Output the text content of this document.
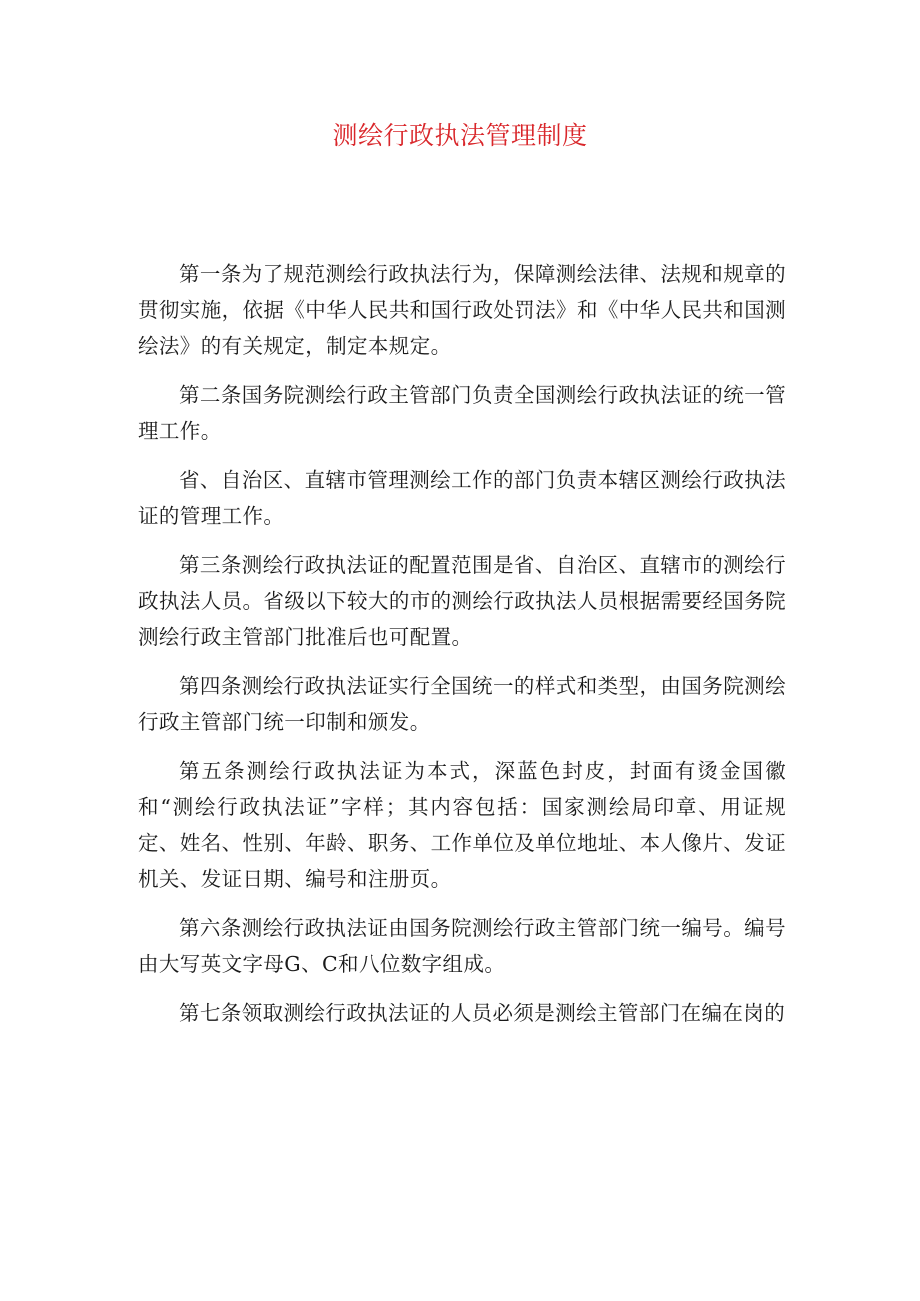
测绘行政执法管理制度

第一条为了规范测绘行政执法行为，保障测绘法律、法规和规章的贯彻实施，依据《中华人民共和国行政处罚法》和《中华人民共和国测绘法》的有关规定，制定本规定。

第二条国务院测绘行政主管部门负责全国测绘行政执法证的统一管理工作。

省、自治区、直辖市管理测绘工作的部门负责本辖区测绘行政执法证的管理工作。

第三条测绘行政执法证的配置范围是省、自治区、直辖市的测绘行政执法人员。省级以下较大的市的测绘行政执法人员根据需要经国务院测绘行政主管部门批准后也可配置。

第四条测绘行政执法证实行全国统一的样式和类型，由国务院测绘行政主管部门统一印制和颁发。

第五条测绘行政执法证为本式，深蓝色封皮，封面有烫金国徽和“测绘行政执法证”字样；其内容包括：国家测绘局印章、用证规定、姓名、性别、年龄、职务、工作单位及单位地址、本人像片、发证机关、发证日期、编号和注册页。

第六条测绘行政执法证由国务院测绘行政主管部门统一编号。编号由大写英文字母G、C和八位数字组成。

第七条领取测绘行政执法证的人员必须是测绘主管部门在编在岗的
